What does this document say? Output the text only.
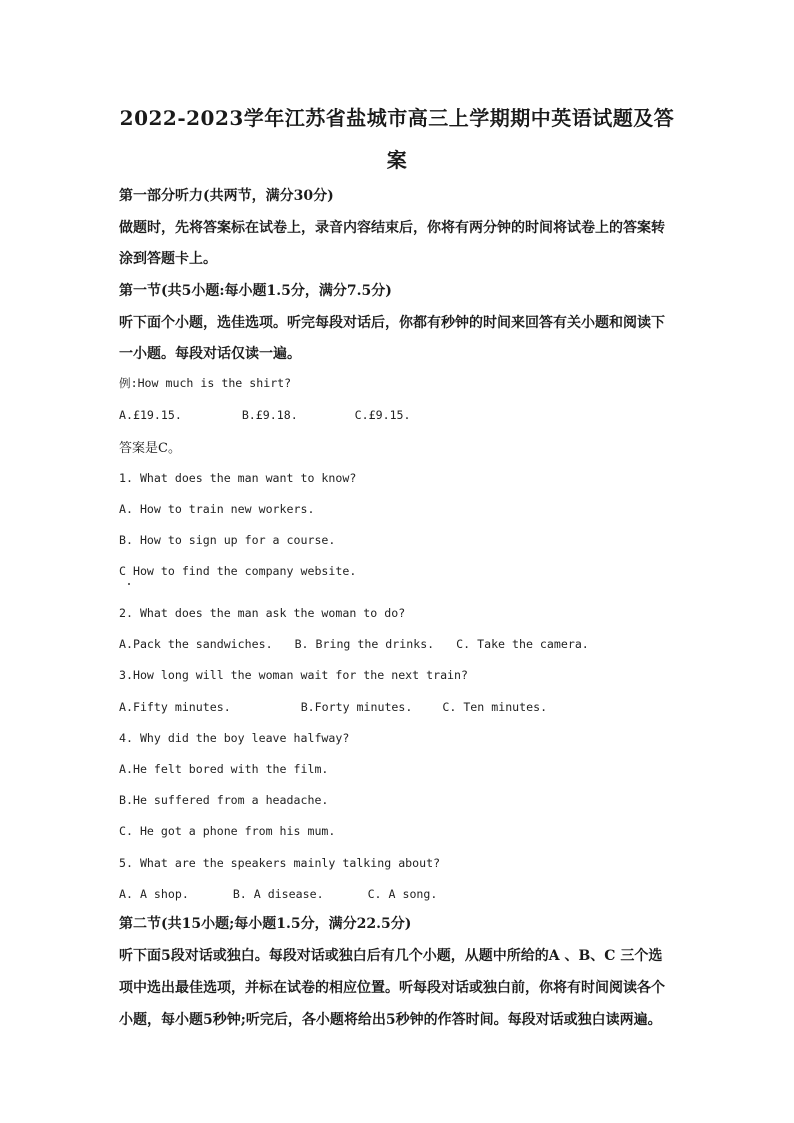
2022-2023学年江苏省盐城市高三上学期期中英语试题及答
案
第一部分听力(共两节，满分30分)
做题时，先将答案标在试卷上，录音内容结束后，你将有两分钟的时间将试卷上的答案转
涂到答题卡上。
第一节(共5小题:每小题1.5分，满分7.5分)
听下面个小题，选佳选项。听完每段对话后，你都有秒钟的时间来回答有关小题和阅读下
一小题。每段对话仅读一遍。
例:How much is the shirt?
A.£19.15.	B.£9.18.	C.£9.15.
答案是C。
1. What does the man want to know?
A. How to train new workers.
B. How to sign up for a course.
C How to find the company website.
2. What does the man ask the woman to do?
A.Pack the sandwiches. B. Bring the drinks. C. Take the camera.
3.How long will the woman wait for the next train?
A.Fifty minutes.	B.Forty minutes.	C. Ten minutes.
4. Why did the boy leave halfway?
A.He felt bored with the film.
B.He suffered from a headache.
C. He got a phone from his mum.
5. What are the speakers mainly talking about?
A. A shop.	B. A disease.	C. A song.
第二节(共15小题;每小题1.5分，满分22.5分)
听下面5段对话或独白。每段对话或独白后有几个小题，从题中所给的A 、B、C 三个选
项中选出最佳选项，并标在试卷的相应位置。听每段对话或独白前，你将有时间阅读各个
小题，每小题5秒钟;听完后，各小题将给出5秒钟的作答时间。每段对话或独白读两遍。
